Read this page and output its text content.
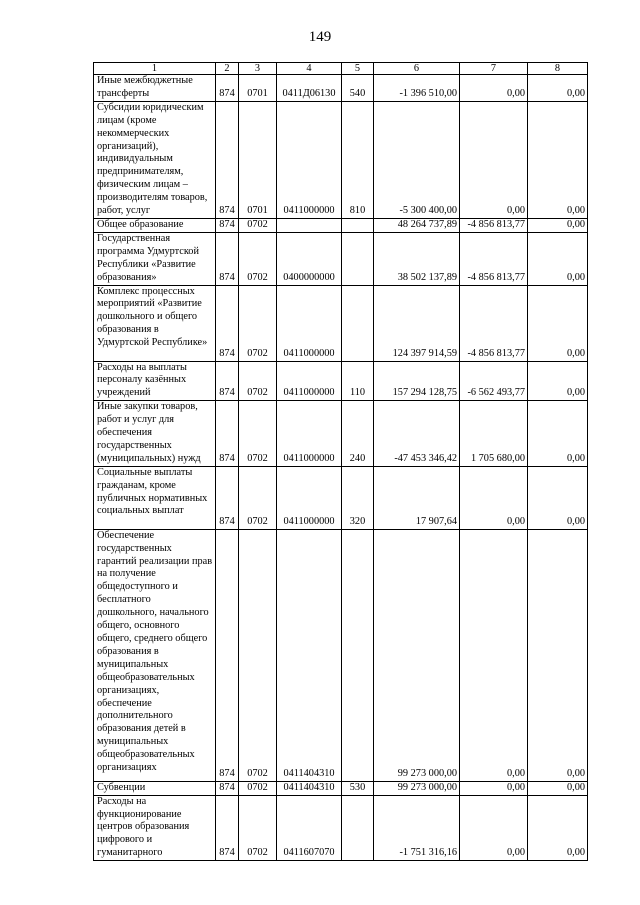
149
1	2	3	4	5	6	7	8
Иные межбюджетные трансферты	874	0701	0411Д06130	540	-1 396 510,00	0,00	0,00
Субсидии юридическим лицам (кроме некоммерческих организаций), индивидуальным предпринимателям, физическим лицам – производителям товаров, работ, услуг	874	0701	0411000000	810	-5 300 400,00	0,00	0,00
Общее образование	874	0702			48 264 737,89	-4 856 813,77	0,00
Государственная программа Удмуртской Республики «Развитие образования»	874	0702	0400000000		38 502 137,89	-4 856 813,77	0,00
Комплекс процессных мероприятий «Развитие дошкольного и общего образования в Удмуртской Республике»	874	0702	0411000000		124 397 914,59	-4 856 813,77	0,00
Расходы на выплаты персоналу казённых учреждений	874	0702	0411000000	110	157 294 128,75	-6 562 493,77	0,00
Иные закупки товаров, работ и услуг для обеспечения государственных (муниципальных) нужд	874	0702	0411000000	240	-47 453 346,42	1 705 680,00	0,00
Социальные выплаты гражданам, кроме публичных нормативных социальных выплат	874	0702	0411000000	320	17 907,64	0,00	0,00
Обеспечение государственных гарантий реализации прав на получение общедоступного и бесплатного дошкольного, начального общего, основного общего, среднего общего образования в муниципальных общеобразовательных организациях, обеспечение дополнительного образования детей в муниципальных общеобразовательных организациях	874	0702	0411404310		99 273 000,00	0,00	0,00
Субвенции	874	0702	0411404310	530	99 273 000,00	0,00	0,00
Расходы на функционирование центров образования цифрового и гуманитарного	874	0702	0411607070		-1 751 316,16	0,00	0,00
